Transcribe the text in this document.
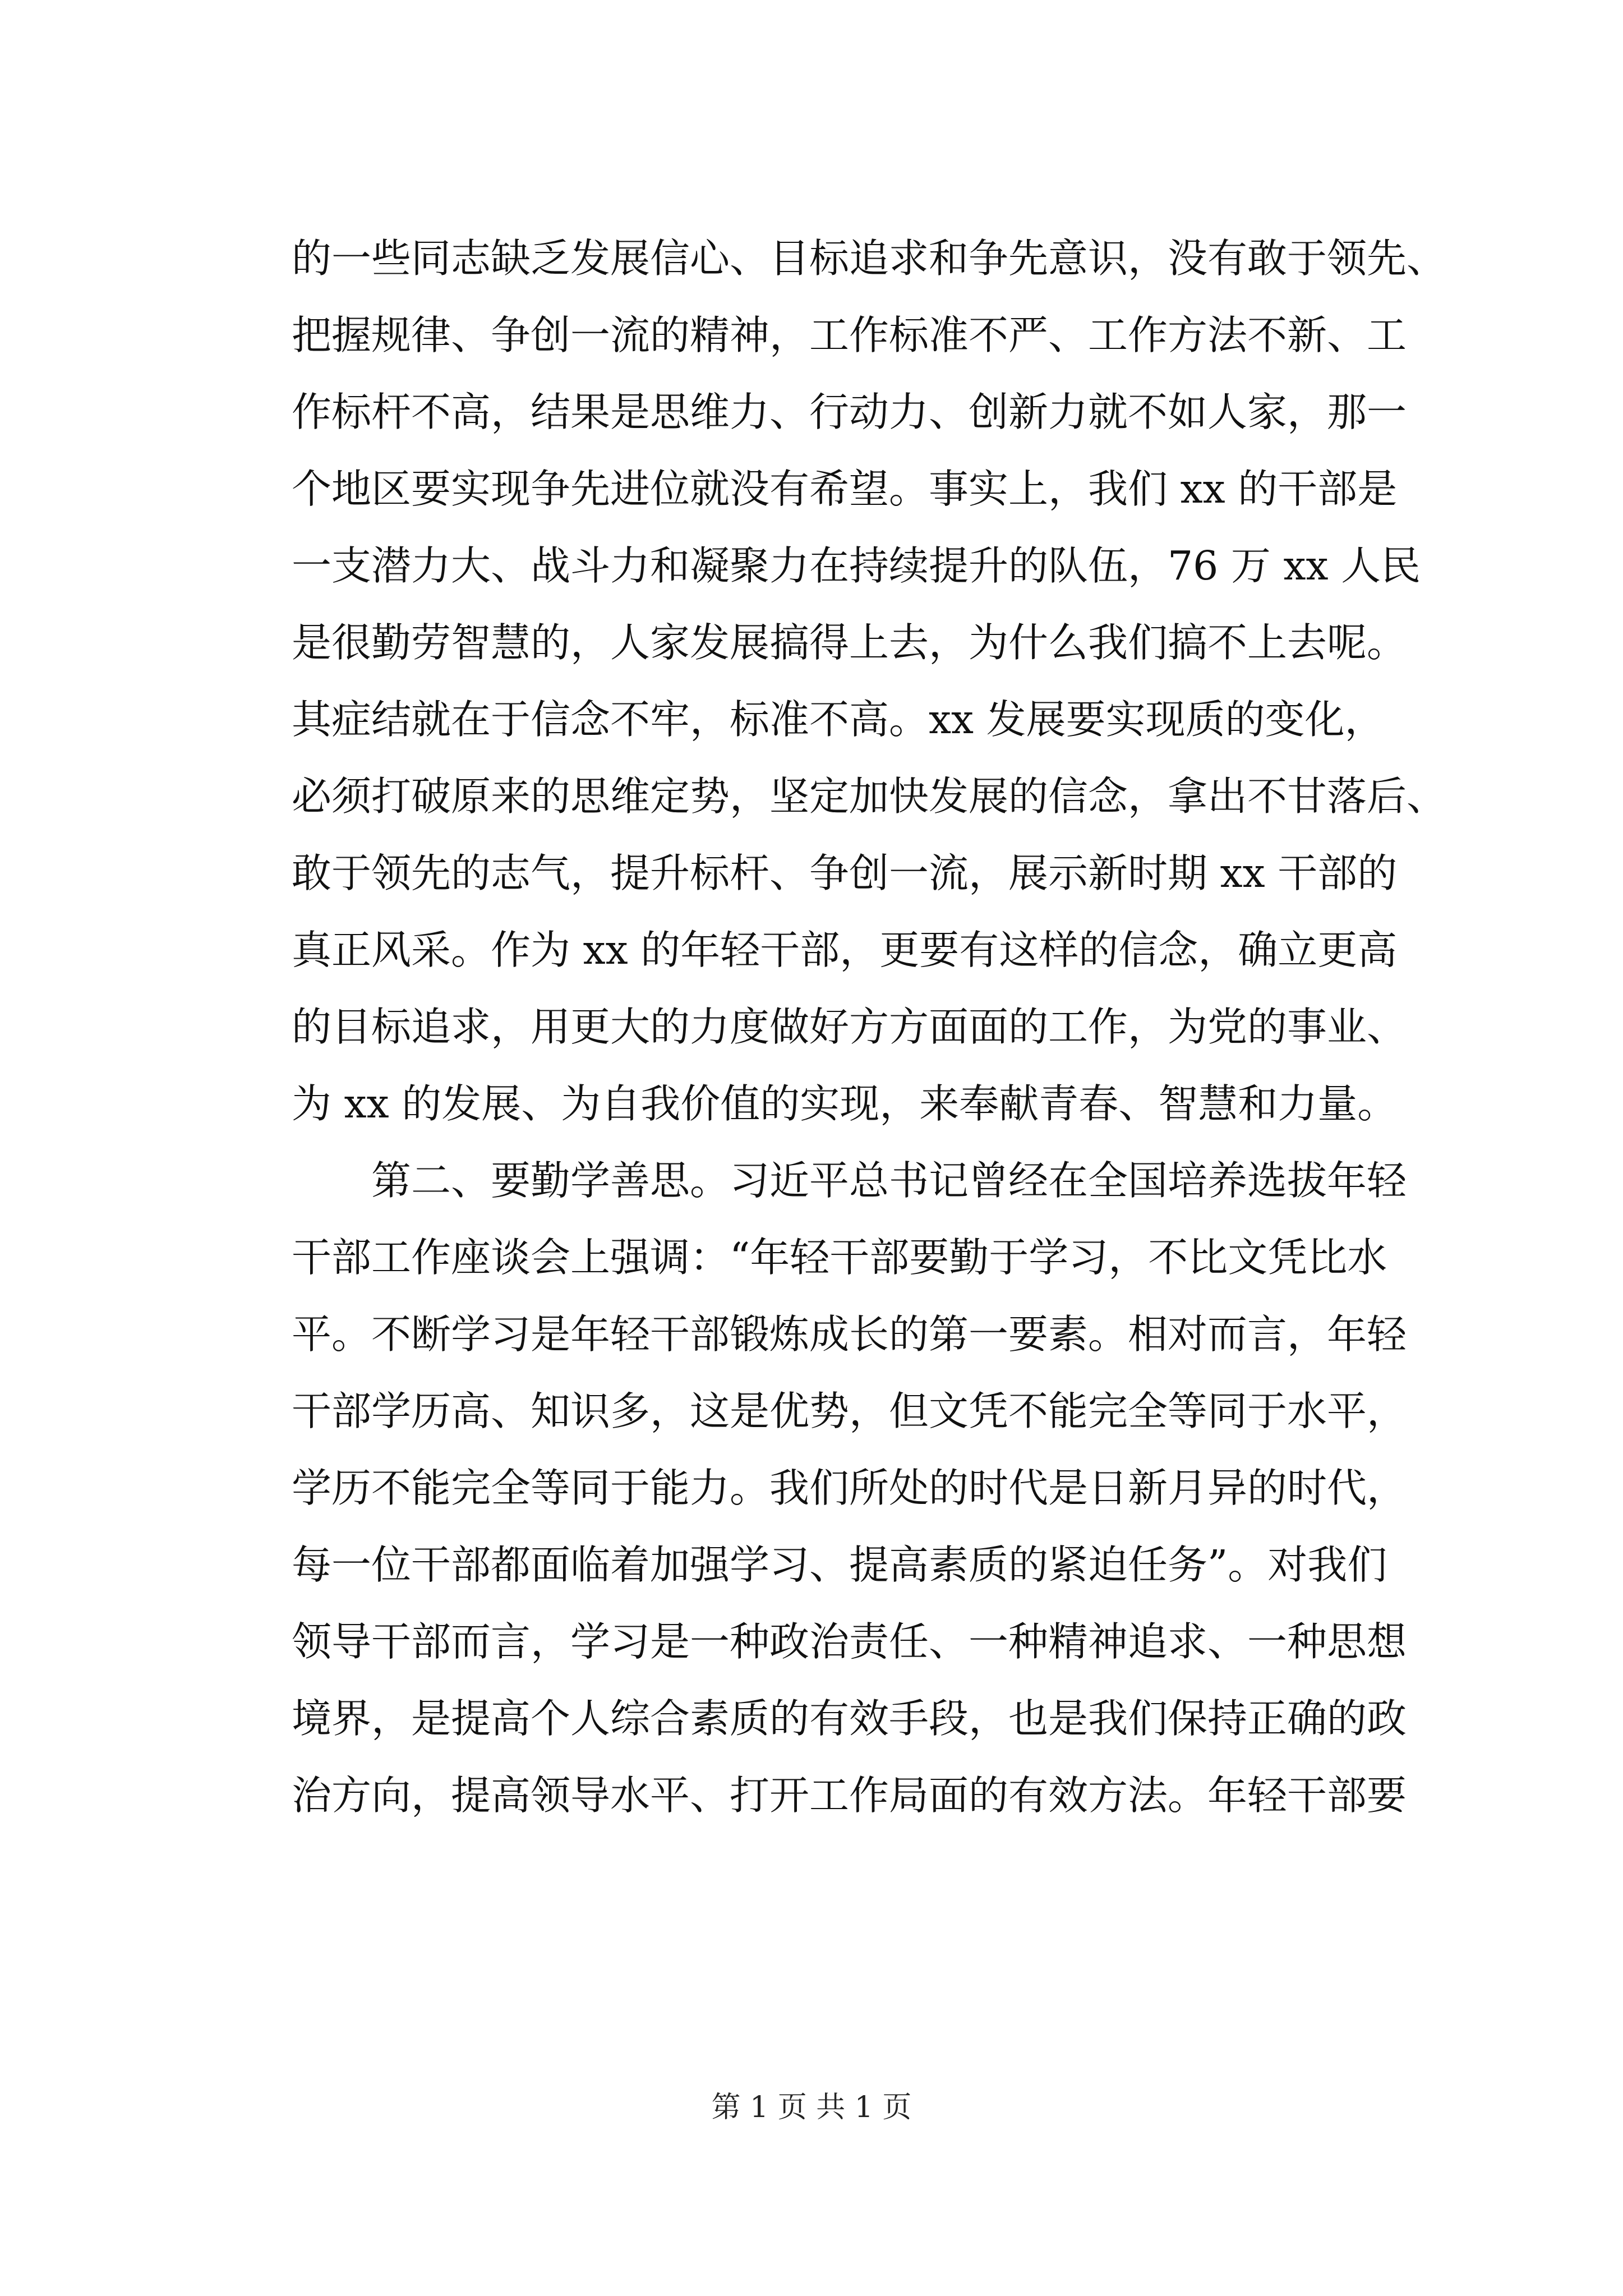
的一些同志缺乏发展信心、目标追求和争先意识，没有敢于领先、
把握规律、争创一流的精神，工作标准不严、工作方法不新、工
作标杆不高，结果是思维力、行动力、创新力就不如人家，那一
个地区要实现争先进位就没有希望。事实上，我们 xx 的干部是
一支潜力大、战斗力和凝聚力在持续提升的队伍，76 万 xx 人民
是很勤劳智慧的，人家发展搞得上去，为什么我们搞不上去呢。
其症结就在于信念不牢，标准不高。xx 发展要实现质的变化，
必须打破原来的思维定势，坚定加快发展的信念，拿出不甘落后、
敢于领先的志气，提升标杆、争创一流，展示新时期 xx 干部的
真正风采。作为 xx 的年轻干部，更要有这样的信念，确立更高
的目标追求，用更大的力度做好方方面面的工作，为党的事业、
为 xx 的发展、为自我价值的实现，来奉献青春、智慧和力量。
第二、要勤学善思。习近平总书记曾经在全国培养选拔年轻
干部工作座谈会上强调：“年轻干部要勤于学习，不比文凭比水
平。不断学习是年轻干部锻炼成长的第一要素。相对而言，年轻
干部学历高、知识多，这是优势，但文凭不能完全等同于水平，
学历不能完全等同于能力。我们所处的时代是日新月异的时代，
每一位干部都面临着加强学习、提高素质的紧迫任务”。对我们
领导干部而言，学习是一种政治责任、一种精神追求、一种思想
境界，是提高个人综合素质的有效手段，也是我们保持正确的政
治方向，提高领导水平、打开工作局面的有效方法。年轻干部要
第 1 页 共 1 页
